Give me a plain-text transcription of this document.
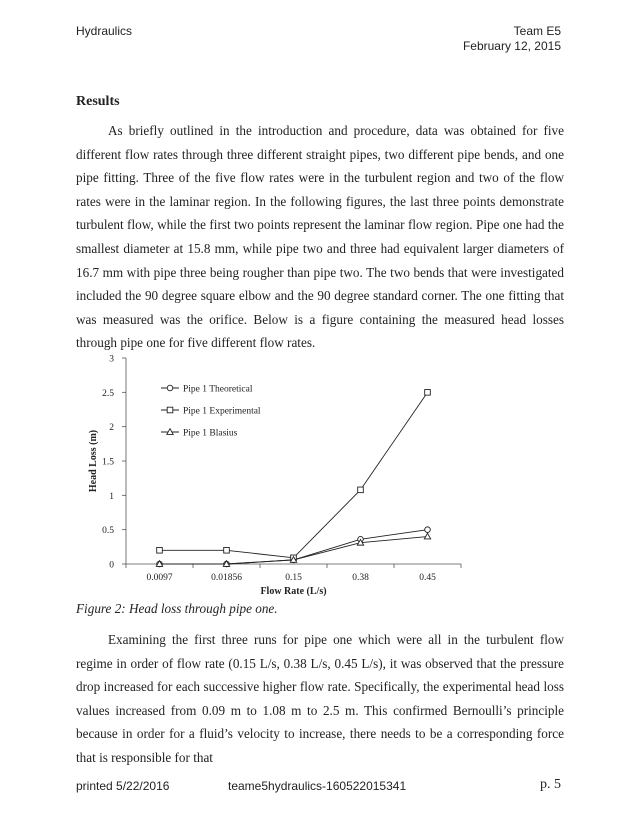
Hydraulics	Team E5
February 12, 2015
Results

As briefly outlined in the introduction and procedure, data was obtained for five different flow rates through three different straight pipes, two different pipe bends, and one pipe fitting. Three of the five flow rates were in the turbulent region and two of the flow rates were in the laminar region. In the following figures, the last three points demonstrate turbulent flow, while the first two points represent the laminar flow region. Pipe one had the smallest diameter at 15.8 mm, while pipe two and three had equivalent larger diameters of 16.7 mm with pipe three being rougher than pipe two. The two bends that were investigated included the 90 degree square elbow and the 90 degree standard corner. The one fitting that was measured was the orifice. Below is a figure containing the measured head losses through pipe one for five different flow rates.

0
0.5
1
1.5
2
2.5
3
0.0097	0.01856	0.15	0.38	0.45
Pipe 1 Theoretical
Pipe 1 Experimental
Pipe 1 Blasius
Head Loss (m)
Flow Rate (L/s)
Figure 2: Head loss through pipe one.

Examining the first three runs for pipe one which were all in the turbulent flow regime in order of flow rate (0.15 L/s, 0.38 L/s, 0.45 L/s), it was observed that the pressure drop increased for each successive higher flow rate. Specifically, the experimental head loss values increased from 0.09 m to 1.08 m to 2.5 m. This confirmed Bernoulli’s principle because in order for a fluid’s velocity to increase, there needs to be a corresponding force that is responsible for that

printed 5/22/2016	teame5hydraulics-160522015341	p. 5
